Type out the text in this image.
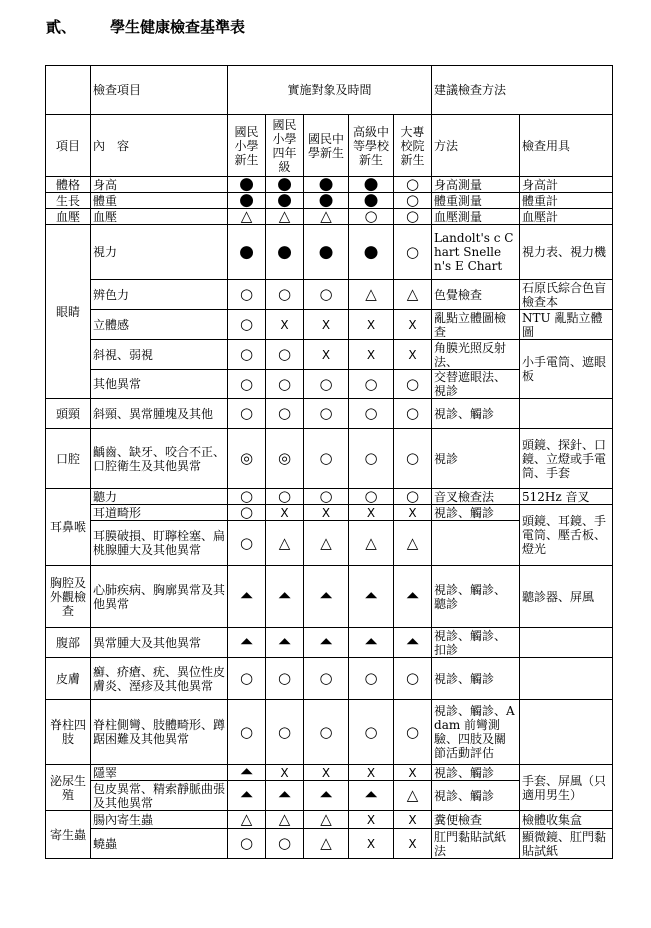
貳、 學生健康檢查基準表
	檢查項目	實施對象及時間					建議檢查方法	
項目	內　容	國民小學新生	國民小學四年級	國民中學新生	高級中等學校新生	大專校院新生	方法	檢查用具
體格	身高	●	●	●	●	○	身高測量	身高計
生長	體重	●	●	●	●	○	體重測量	體重計
血壓	血壓	△	△	△	○	○	血壓測量	血壓計
眼睛	視力	●	●	●	●	○	Landolt's c Chart Snellen's E Chart	視力表、視力機
	辨色力	○	○	○	△	△	色覺檢查	石原氏綜合色盲檢查本
	立體感	○	X	X	X	X	亂點立體圖檢查	NTU 亂點立體圖
	斜視、弱視	○	○	X	X	X	角膜光照反射法、	小手電筒、遮眼板
	其他異常	○	○	○	○	○	交替遮眼法、視診	
頭頸	斜頸、異常腫塊及其他	○	○	○	○	○	視診、觸診	
口腔	齲齒、缺牙、咬合不正、口腔衛生及其他異常	◎	◎	○	○	○	視診	頭鏡、探針、口鏡、立燈或手電筒、手套
耳鼻喉	聽力	○	○	○	○	○	音叉檢查法	512Hz 音叉
	耳道畸形	○	X	X	X	X	視診、觸診	頭鏡、耳鏡、手電筒、壓舌板、燈光
	耳膜破損、盯聹栓塞、扁桃腺腫大及其他異常	○	△	△	△	△		
胸腔及外觀檢查	心肺疾病、胸廓異常及其他異常	⏶	⏶	⏶	⏶	⏶	視診、觸診、聽診	聽診器、屏風
腹部	異常腫大及其他異常	⏶	⏶	⏶	⏶	⏶	視診、觸診、扣診	
皮膚	癬、疥瘡、疣、異位性皮膚炎、溼疹及其他異常	○	○	○	○	○	視診、觸診	
脊柱四肢	脊柱側彎、肢體畸形、蹲踞困難及其他異常	○	○	○	○	○	視診、觸診、Adam 前彎測驗、四肢及關節活動評估	
泌尿生殖	隱睪	⏶	X	X	X	X	視診、觸診	手套、屏風（只適用男生）
	包皮異常、精索靜脈曲張及其他異常	⏶	⏶	⏶	⏶	△	視診、觸診	
寄生蟲	腸內寄生蟲	△	△	△	X	X	糞便檢查	檢體收集盒
	蟯蟲	○	○	△	X	X	肛門黏貼試紙法	顯微鏡、肛門黏貼試紙
